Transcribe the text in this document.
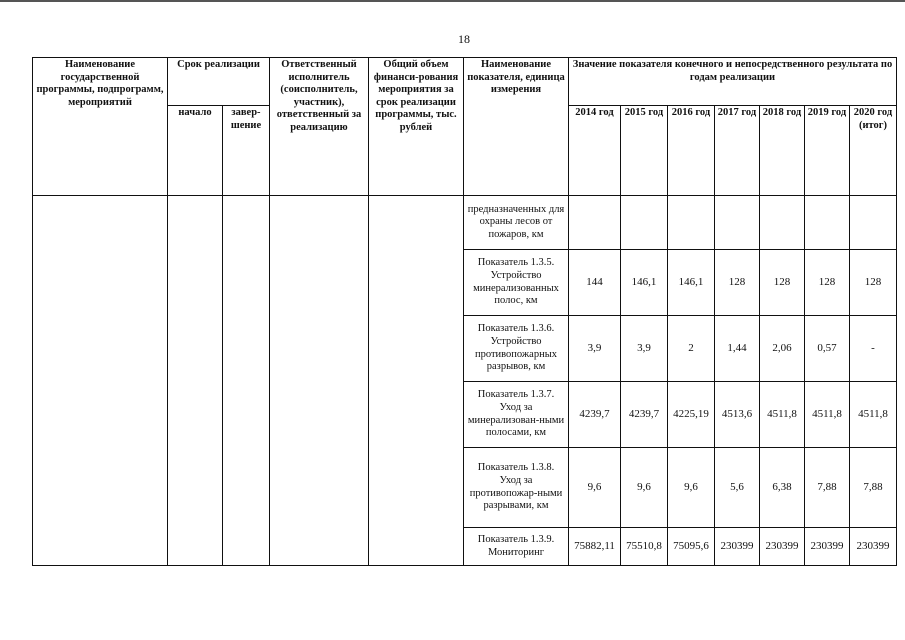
18
Наименование государственной программы, подпрограмм, мероприятий	Срок реализации		Ответственный исполнитель (соисполнитель, участник), ответственный за реализацию	Общий объем финанси-рования мероприятия за срок реализации программы, тыс. рублей	Наименование показателя, единица измерения	Значение показателя конечного и непосредственного результата по годам реализации						
	начало	завер-шение				2014 год	2015 год	2016 год	2017 год	2018 год	2019 год	2020 год (итог)
					предназначенных для охраны лесов от пожаров, км							
					Показатель 1.3.5. Устройство минерализованных полос, км	144	146,1	146,1	128	128	128	128
					Показатель 1.3.6. Устройство противопожарных разрывов, км	3,9	3,9	2	1,44	2,06	0,57	-
					Показатель 1.3.7. Уход за минерализован-ными полосами, км	4239,7	4239,7	4225,19	4513,6	4511,8	4511,8	4511,8
					Показатель 1.3.8. Уход за противопожар-ными разрывами, км	9,6	9,6	9,6	5,6	6,38	7,88	7,88
					Показатель 1.3.9. Мониторинг	75882,11	75510,8	75095,6	230399	230399	230399	230399
